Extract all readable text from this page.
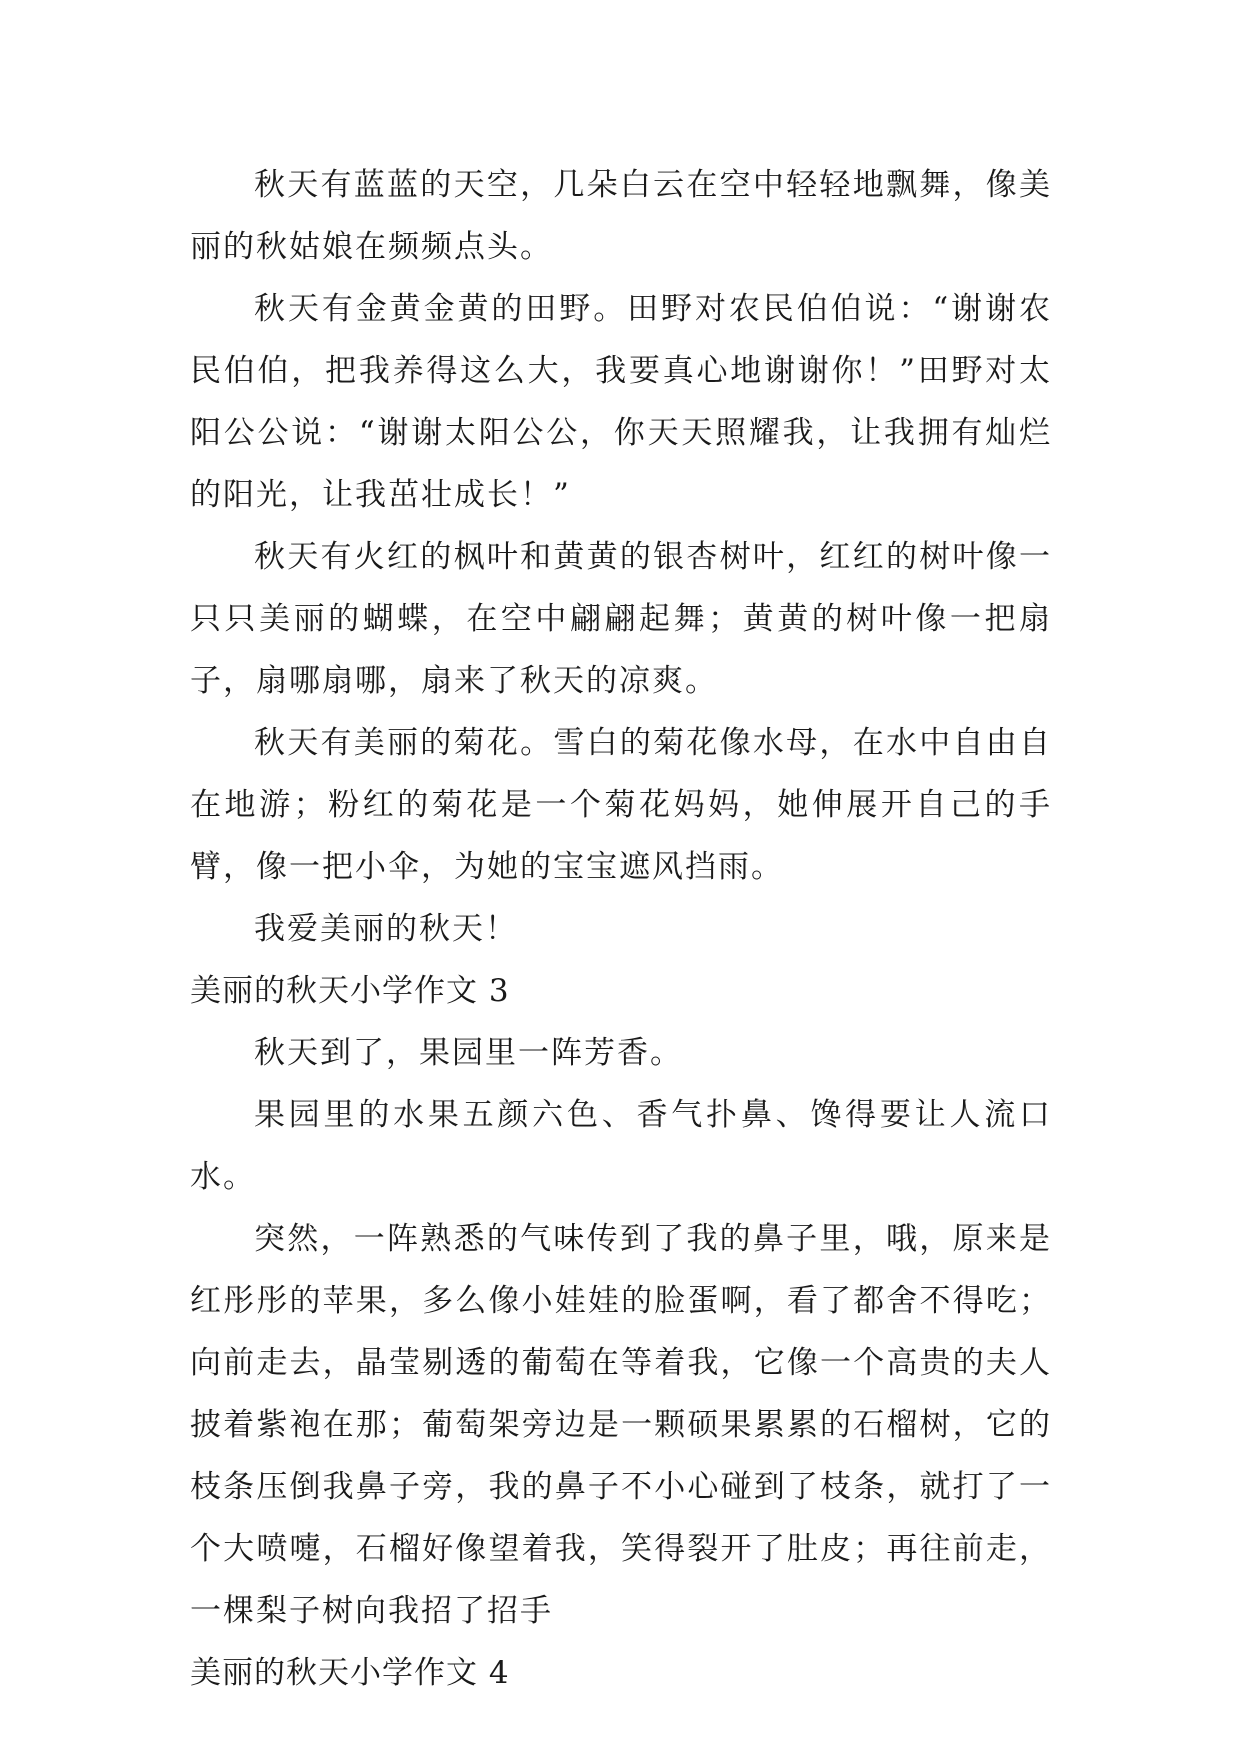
秋天有蓝蓝的天空，几朵白云在空中轻轻地飘舞，像美丽的秋姑娘在频频点头。

秋天有金黄金黄的田野。田野对农民伯伯说：“谢谢农民伯伯，把我养得这么大，我要真心地谢谢你！”田野对太阳公公说：“谢谢太阳公公，你天天照耀我，让我拥有灿烂的阳光，让我茁壮成长！”

秋天有火红的枫叶和黄黄的银杏树叶，红红的树叶像一只只美丽的蝴蝶，在空中翩翩起舞；黄黄的树叶像一把扇子，扇哪扇哪，扇来了秋天的凉爽。

秋天有美丽的菊花。雪白的菊花像水母，在水中自由自在地游；粉红的菊花是一个菊花妈妈，她伸展开自己的手臂，像一把小伞，为她的宝宝遮风挡雨。

我爱美丽的秋天！

美丽的秋天小学作文 3

秋天到了，果园里一阵芳香。

果园里的水果五颜六色、香气扑鼻、馋得要让人流口水。

突然，一阵熟悉的气味传到了我的鼻子里，哦，原来是红彤彤的苹果，多么像小娃娃的脸蛋啊，看了都舍不得吃；向前走去，晶莹剔透的葡萄在等着我，它像一个高贵的夫人披着紫袍在那；葡萄架旁边是一颗硕果累累的石榴树，它的枝条压倒我鼻子旁，我的鼻子不小心碰到了枝条，就打了一个大喷嚏，石榴好像望着我，笑得裂开了肚皮；再往前走，一棵梨子树向我招了招手

美丽的秋天小学作文 4
